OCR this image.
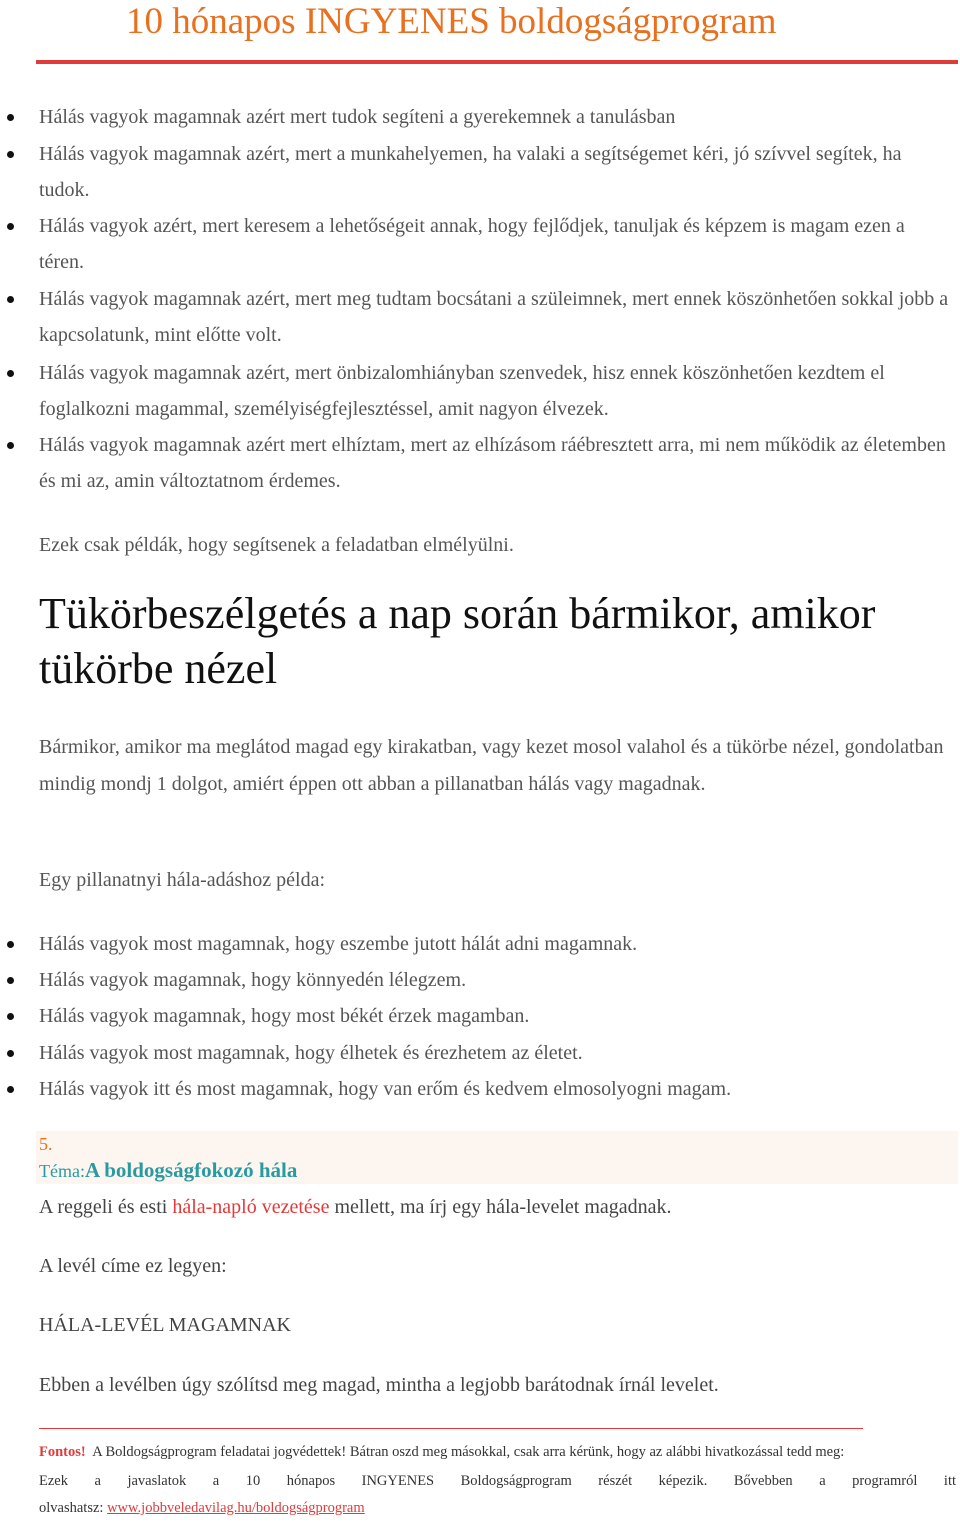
10 hónapos INGYENES boldogságprogram
Hálás vagyok magamnak azért mert tudok segíteni a gyerekemnek a tanulásban
Hálás vagyok magamnak azért, mert a munkahelyemen, ha valaki a segítségemet kéri, jó szívvel segítek, ha tudok.
Hálás vagyok azért, mert keresem a lehetőségeit annak, hogy fejlődjek, tanuljak és képzem is magam ezen a téren.
Hálás vagyok magamnak azért, mert meg tudtam bocsátani a szüleimnek, mert ennek köszönhetően sokkal jobb a kapcsolatunk, mint előtte volt.
Hálás vagyok magamnak azért, mert önbizalomhiányban szenvedek, hisz ennek köszönhetően kezdtem el foglalkozni magammal, személyiségfejlesztéssel, amit nagyon élvezek.
Hálás vagyok magamnak azért mert elhíztam, mert az elhízásom ráébresztett arra, mi nem működik az életemben és mi az, amin változtatnom érdemes.
Ezek csak példák, hogy segítsenek a feladatban elmélyülni.
Tükörbeszélgetés a nap során bármikor, amikor tükörbe nézel
Bármikor, amikor ma meglátod magad egy kirakatban, vagy kezet mosol valahol és a tükörbe nézel, gondolatban mindig mondj 1 dolgot, amiért éppen ott abban a pillanatban hálás vagy magadnak.
Egy pillanatnyi hála-adáshoz példa:
Hálás vagyok most magamnak, hogy eszembe jutott hálát adni magamnak.
Hálás vagyok magamnak, hogy könnyedén lélegzem.
Hálás vagyok magamnak, hogy most békét érzek magamban.
Hálás vagyok most magamnak, hogy élhetek és érezhetem az életet.
Hálás vagyok itt és most magamnak, hogy van erőm és kedvem elmosolyogni magam.
5.
Téma:A boldogságfokozó hála
A reggeli és esti hála-napló vezetése mellett, ma írj egy hála-levelet magadnak.
A levél címe ez legyen:
HÁLA-LEVÉL MAGAMNAK
Ebben a levélben úgy szólítsd meg magad, mintha a legjobb barátodnak írnál levelet.
Fontos! A Boldogságprogram feladatai jogvédettek! Bátran oszd meg másokkal, csak arra kérünk, hogy az alábbi hivatkozással tedd meg:
Ezek a javaslatok a 10 hónapos INGYENES Boldogságprogram részét képezik. Bővebben a programról itt
olvashatsz: www.jobbveledavilag.hu/boldogságprogram
